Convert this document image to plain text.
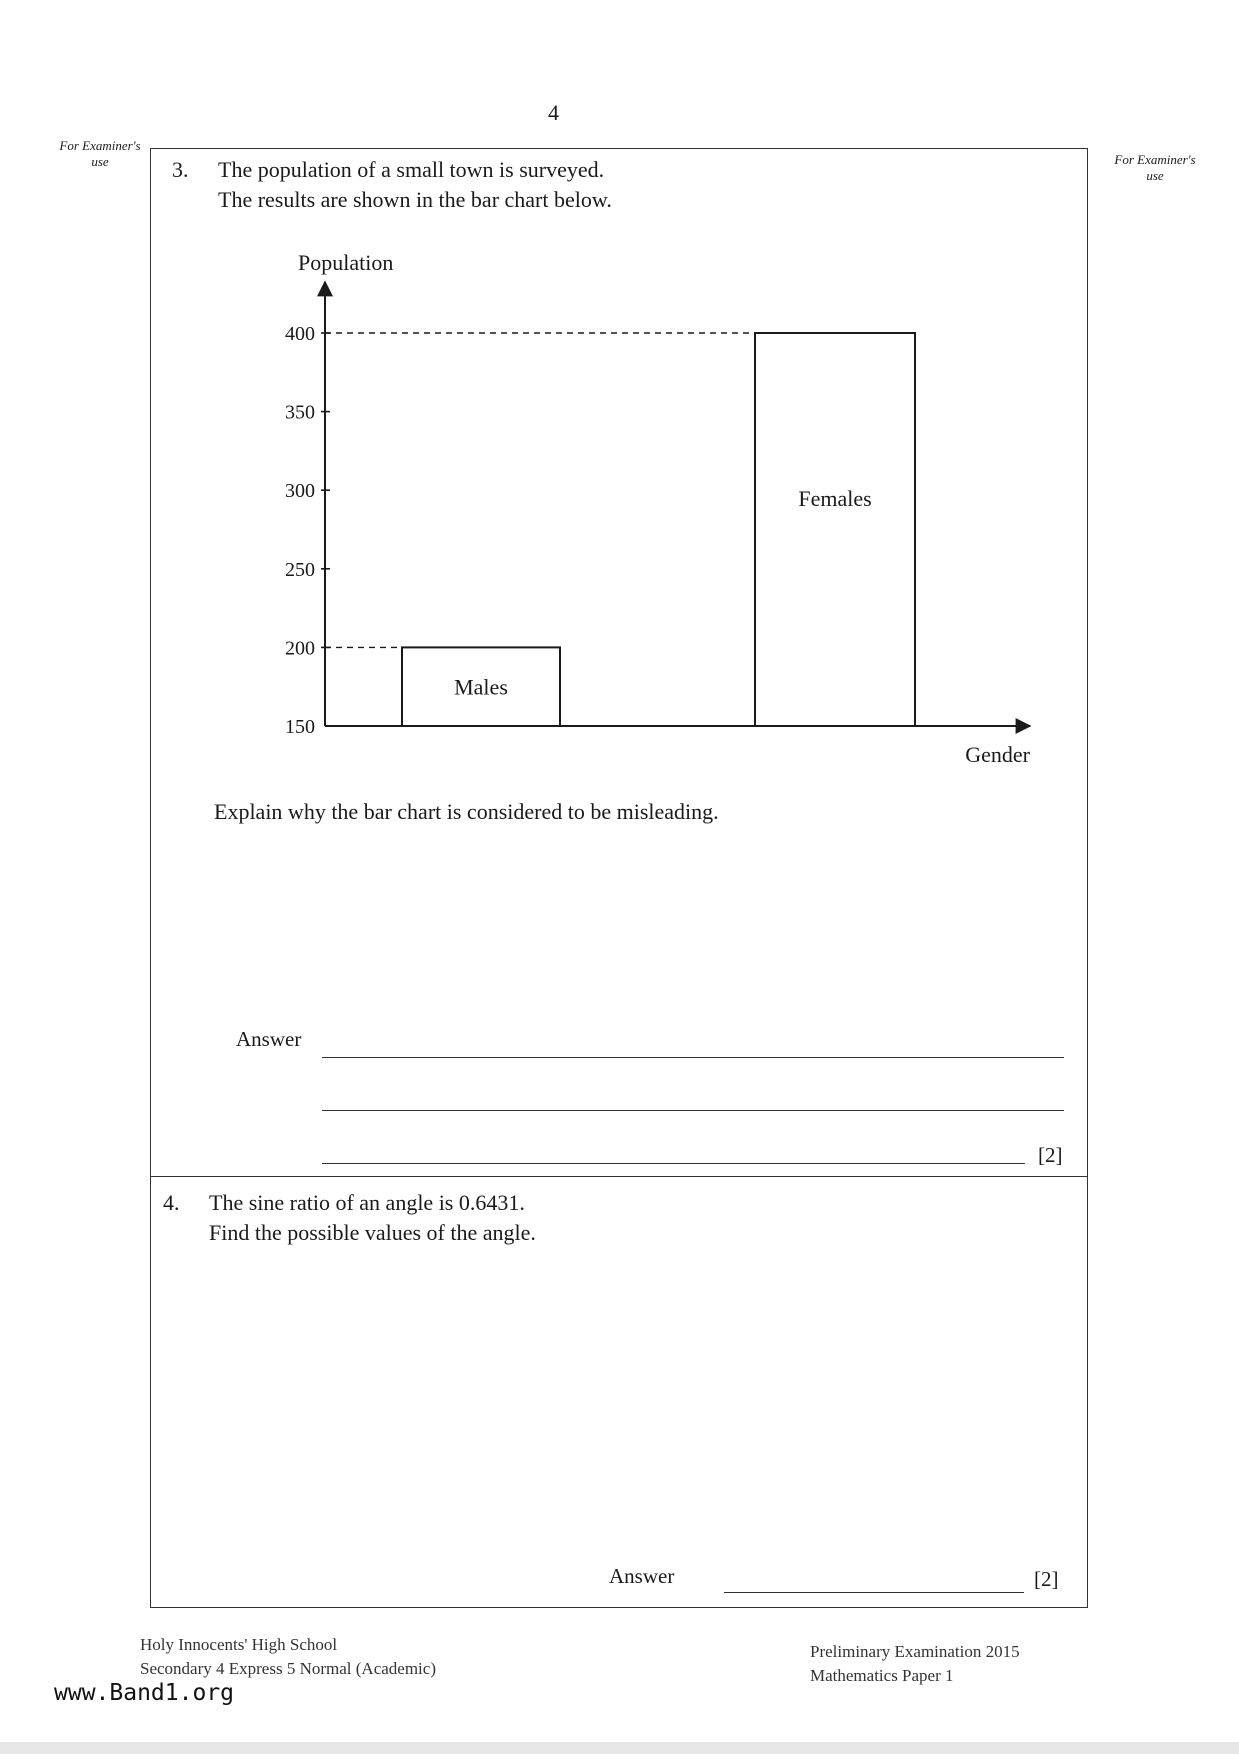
4
For Examiner's use	For Examiner's use
3. The population of a small town is surveyed.
The results are shown in the bar chart below.
150
200
250
300
350
400
Males
Females
Population
Gender
Explain why the bar chart is considered to be misleading.
Answer
[2]
4. The sine ratio of an angle is 0.6431.
Find the possible values of the angle.
Answer	[2]
Holy Innocents' High School
Secondary 4 Express 5 Normal (Academic)
Preliminary Examination 2015
Mathematics Paper 1
www.Band1.org
